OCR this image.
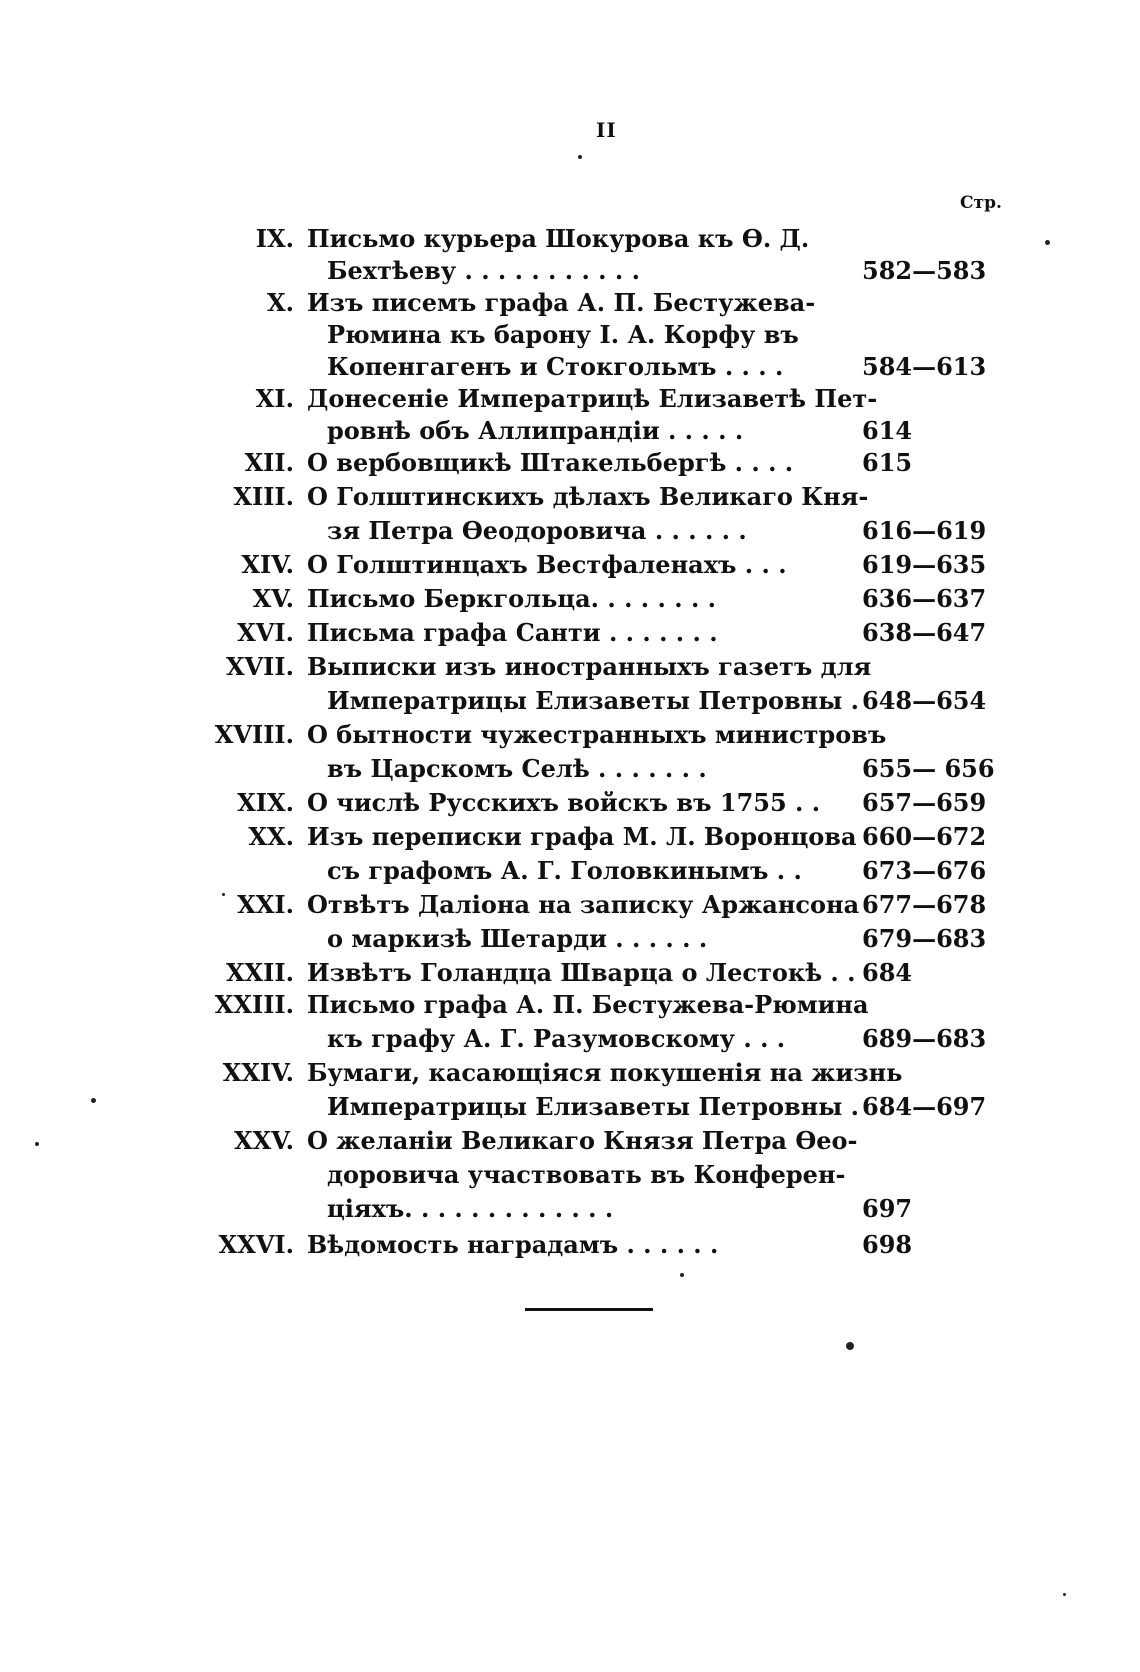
II
Стр.
IX. Письмо курьера Шокурова къ Ѳ. Д.
Бехтѣеву . . . . . . . . . . .	582—583
X. Изъ писемъ графа А. П. Бестужева-
Рюмина къ барону I. А. Корфу въ
Копенгагенъ и Стокгольмъ . . . .	584—613
XI. Донесеніе Императрицѣ Елизаветѣ Пет-
ровнѣ объ Аллипрандіи . . . . .	614
XII. О вербовщикѣ Штакельбергѣ . . . .	615
XIII. О Голштинскихъ дѣлахъ Великаго Кня-
зя Петра Ѳеодоровича . . . . . .	616—619
XIV. О Голштинцахъ Вестфаленахъ . . .	619—635
XV. Письмо Беркгольца. . . . . . . .	636—637
XVI. Письма графа Санти . . . . . . .	638—647
XVII. Выписки изъ иностранныхъ газетъ для
Императрицы Елизаветы Петровны . 648—654
XVIII. О бытности чужестранныхъ министровъ
въ Царскомъ Селѣ . . . . . . .	655— 656
XIX. О числѣ Русскихъ войскъ въ 1755 . . 657—659
XX. Изъ переписки графа М. Л. Воронцова 660—672
съ графомъ А. Г. Головкинымъ . .	673—676
XXI. Отвѣтъ Даліона на записку Аржансона 677—678
о маркизѣ Шетарди . . . . . .	679—683
XXII. Извѣтъ Голандца Шварца о Лестокѣ . . 684
XXIII. Письмо графа А. П. Бестужева-Рюмина
къ графу А. Г. Разумовскому . . .	689—683
XXIV. Бумаги, касающіяся покушенія на жизнь
Императрицы Елизаветы Петровны . 684—697
XXV. О желаніи Великаго Князя Петра Ѳео-
доровича участвовать въ Конферен-
ціяхъ. . . . . . . . . . . . .	697
XXVI. Вѣдомость наградамъ . . . . . .	698
